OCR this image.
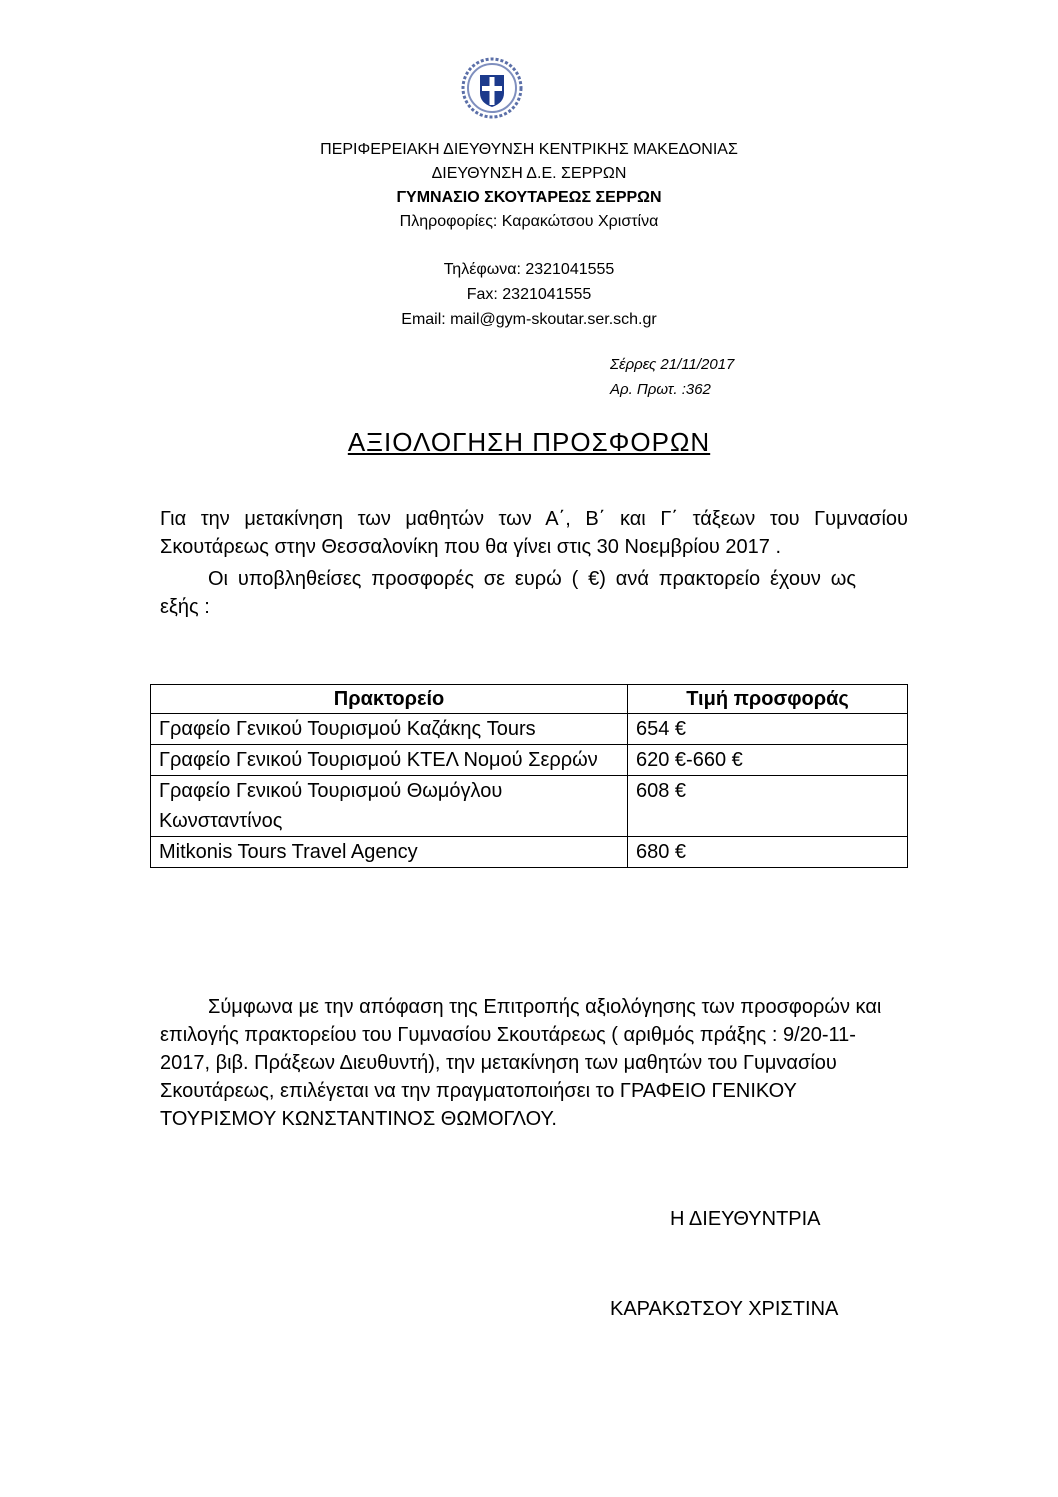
ΠΕΡΙΦΕΡΕΙΑΚΗ ΔΙΕΥΘΥΝΣΗ ΚΕΝΤΡΙΚΗΣ ΜΑΚΕΔΟΝΙΑΣ
ΔΙΕΥΘΥΝΣΗ Δ.Ε. ΣΕΡΡΩΝ
ΓΥΜΝΑΣΙΟ ΣΚΟΥΤΑΡΕΩΣ ΣΕΡΡΩΝ
Πληροφορίες: Καρακώτσου Χριστίνα
Τηλέφωνα: 2321041555
Fax: 2321041555
Email: mail@gym-skoutar.ser.sch.gr
Σέρρες 21/11/2017
Αρ. Πρωτ. :362
ΑΞΙΟΛΟΓΗΣΗ ΠΡΟΣΦΟΡΩΝ

Για την μετακίνηση των μαθητών των Α΄, Β΄ και Γ΄ τάξεων του Γυμνασίου Σκουτάρεως στην Θεσσαλονίκη που θα γίνει στις 30 Νοεμβρίου 2017 .

Οι υποβληθείσες προσφορές σε ευρώ ( €) ανά πρακτορείο έχουν ως εξής :

Πρακτορείο	Τιμή προσφοράς
Γραφείο Γενικού Τουρισμού Καζάκης Tours	654 €
Γραφείο Γενικού Τουρισμού ΚΤΕΛ Νομού Σερρών	620 €-660 €
Γραφείο Γενικού Τουρισμού Θωμόγλου Κωνσταντίνος	608 €
Mitkonis Tours Travel Agency	680 €

Σύμφωνα με την απόφαση της Επιτροπής αξιολόγησης των προσφορών και επιλογής πρακτορείου του Γυμνασίου Σκουτάρεως ( αριθμός πράξης : 9/20-11-2017, βιβ. Πράξεων Διευθυντή), την μετακίνηση των μαθητών του Γυμνασίου Σκουτάρεως, επιλέγεται να την πραγματοποιήσει το ΓΡΑΦΕΙΟ ΓΕΝΙΚΟΥ ΤΟΥΡΙΣΜΟΥ ΚΩΝΣΤΑΝΤΙΝΟΣ ΘΩΜΟΓΛΟΥ.

Η ΔΙΕΥΘΥΝΤΡΙΑ
ΚΑΡΑΚΩΤΣΟΥ ΧΡΙΣΤΙΝΑ
